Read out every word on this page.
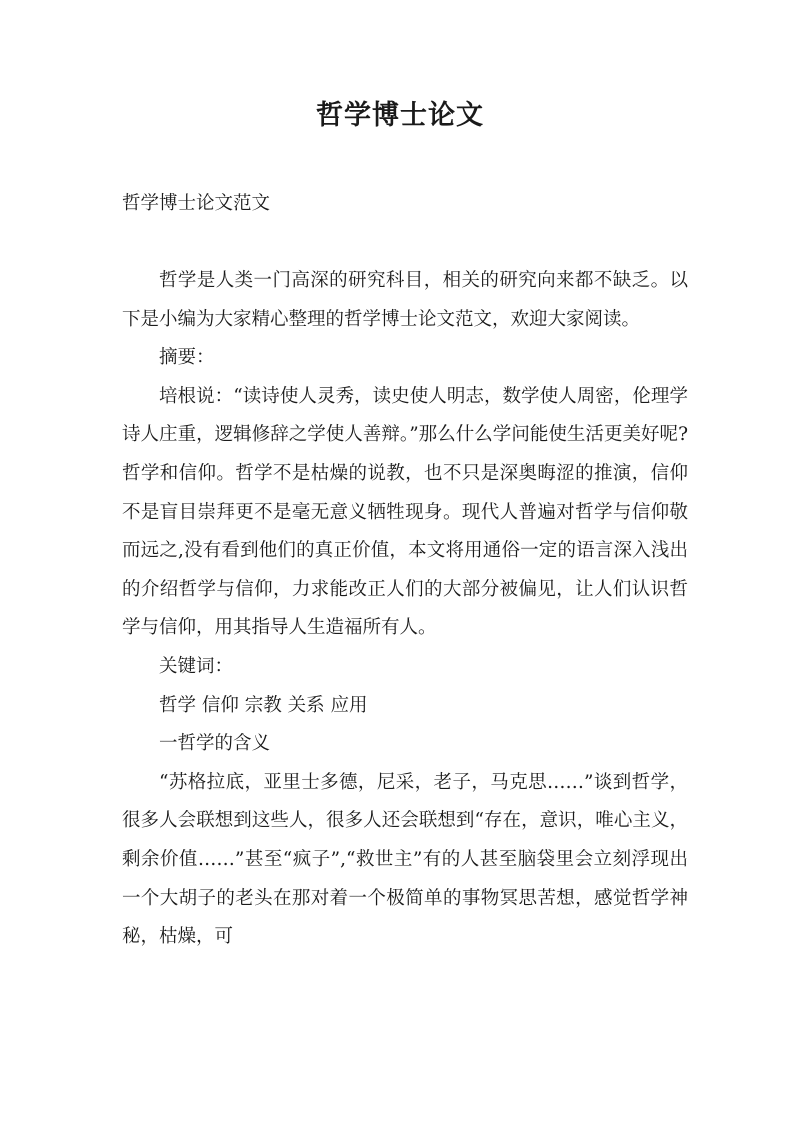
哲学博士论文
哲学博士论文范文

哲学是人类一门高深的研究科目，相关的研究向来都不缺乏。以下是小编为大家精心整理的哲学博士论文范文，欢迎大家阅读。

摘要：

培根说：“读诗使人灵秀，读史使人明志，数学使人周密，伦理学诗人庄重，逻辑修辞之学使人善辩。”那么什么学问能使生活更美好呢?哲学和信仰。哲学不是枯燥的说教，也不只是深奥晦涩的推演，信仰不是盲目崇拜更不是毫无意义牺牲现身。现代人普遍对哲学与信仰敬而远之,没有看到他们的真正价值，本文将用通俗一定的语言深入浅出的介绍哲学与信仰，力求能改正人们的大部分被偏见，让人们认识哲学与信仰，用其指导人生造福所有人。

关键词：

哲学 信仰 宗教 关系 应用

一哲学的含义

“苏格拉底，亚里士多德，尼采，老子，马克思……”谈到哲学，很多人会联想到这些人，很多人还会联想到“存在，意识，唯心主义，剩余价值……”甚至“疯子”,“救世主”有的人甚至脑袋里会立刻浮现出一个大胡子的老头在那对着一个极简单的事物冥思苦想，感觉哲学神秘，枯燥，可
